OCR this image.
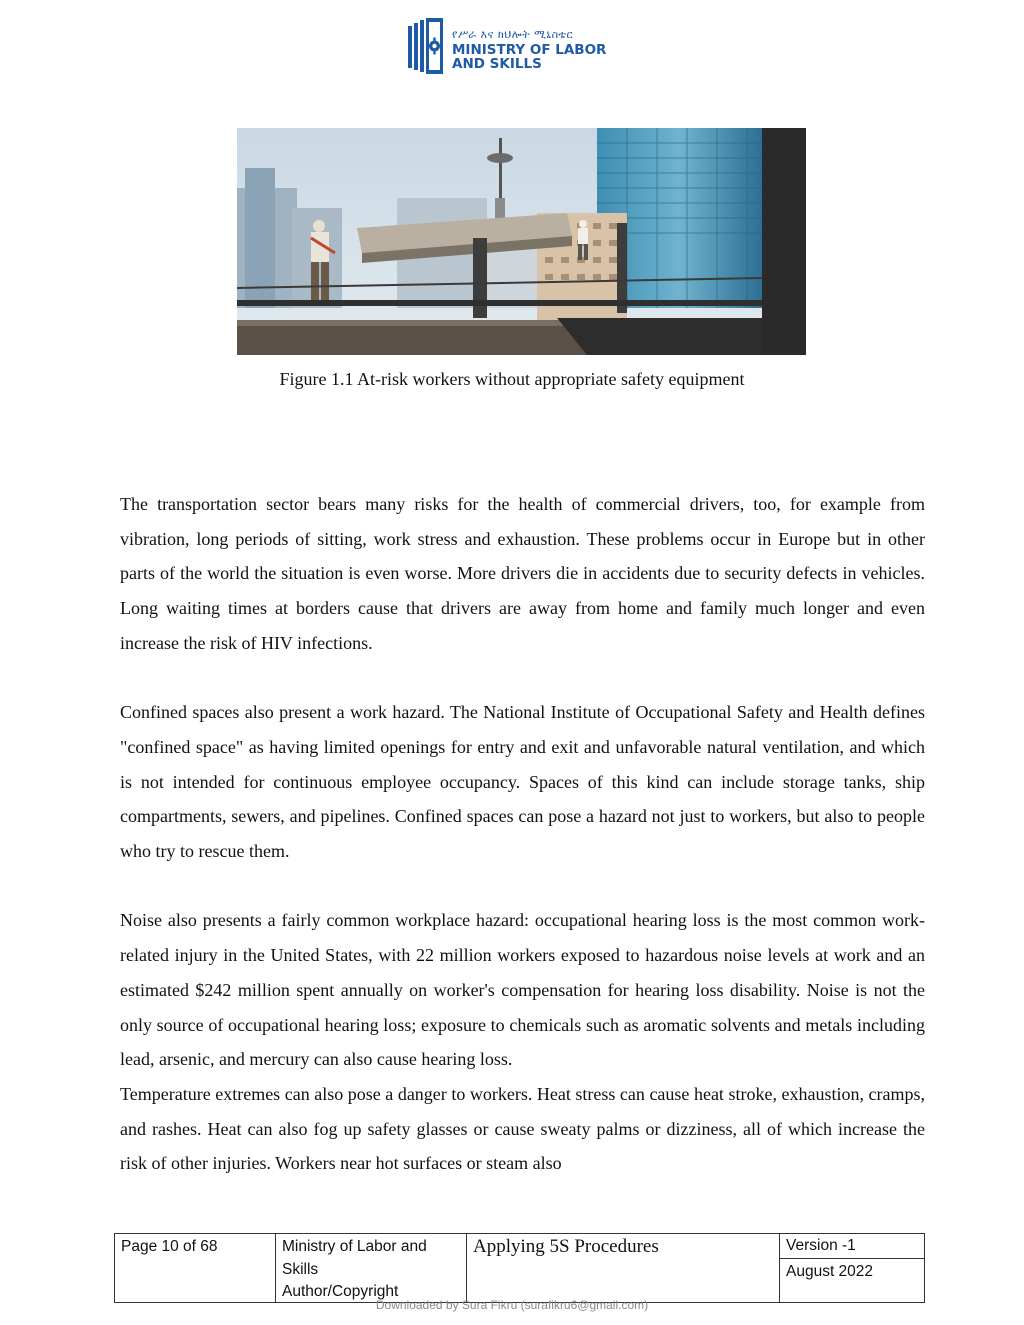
የሥራ እና ክህሎት ሚኒስቴር
MINISTRY OF LABOR
AND SKILLS
Figure 1.1 At-risk workers without appropriate safety equipment

The transportation sector bears many risks for the health of commercial drivers, too, for example from vibration, long periods of sitting, work stress and exhaustion. These problems occur in Europe but in other parts of the world the situation is even worse. More drivers die in accidents due to security defects in vehicles. Long waiting times at borders cause that drivers are away from home and family much longer and even increase the risk of HIV infections.

Confined spaces also present a work hazard. The National Institute of Occupational Safety and Health defines "confined space" as having limited openings for entry and exit and unfavorable natural ventilation, and which is not intended for continuous employee occupancy. Spaces of this kind can include storage tanks, ship compartments, sewers, and pipelines. Confined spaces can pose a hazard not just to workers, but also to people who try to rescue them.

Noise also presents a fairly common workplace hazard: occupational hearing loss is the most common work-related injury in the United States, with 22 million workers exposed to hazardous noise levels at work and an estimated $242 million spent annually on worker's compensation for hearing loss disability. Noise is not the only source of occupational hearing loss; exposure to chemicals such as aromatic solvents and metals including lead, arsenic, and mercury can also cause hearing loss.

Temperature extremes can also pose a danger to workers. Heat stress can cause heat stroke, exhaustion, cramps, and rashes. Heat can also fog up safety glasses or cause sweaty palms or dizziness, all of which increase the risk of other injuries. Workers near hot surfaces or steam also

Page 10 of 68	Ministry of Labor and
Skills
Author/Copyright
Applying 5S Procedures	Version -1
August 2022
Downloaded by Sura Fikru (surafikru6@gmail.com)
